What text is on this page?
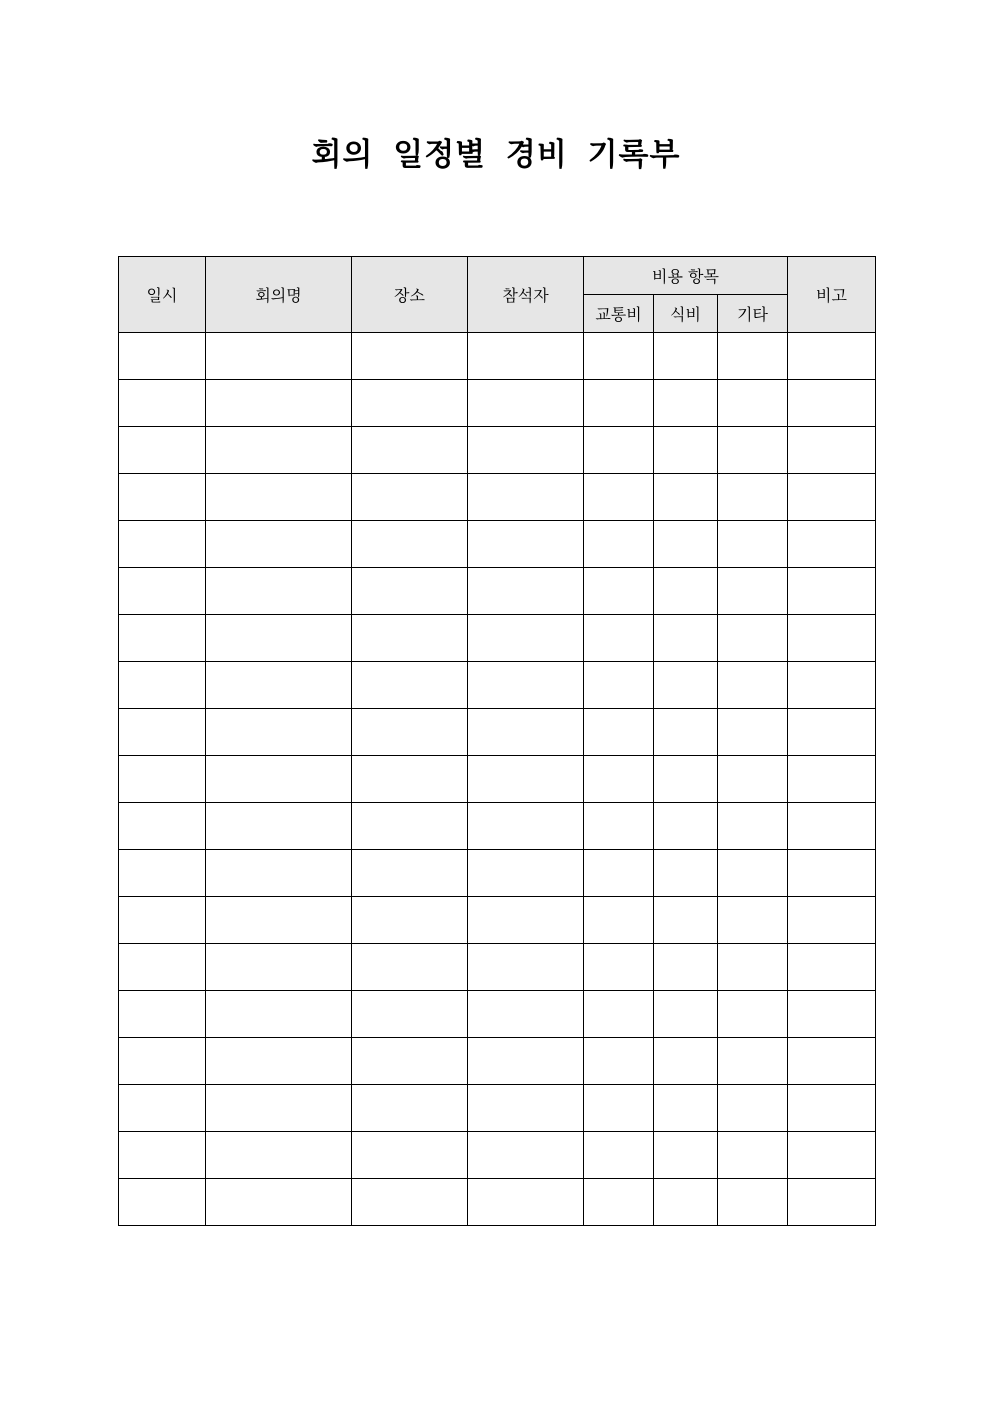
회의 일정별 경비 기록부
일시	회의명	장소	참석자	비용 항목			비고
				교통비	식비	기타	
